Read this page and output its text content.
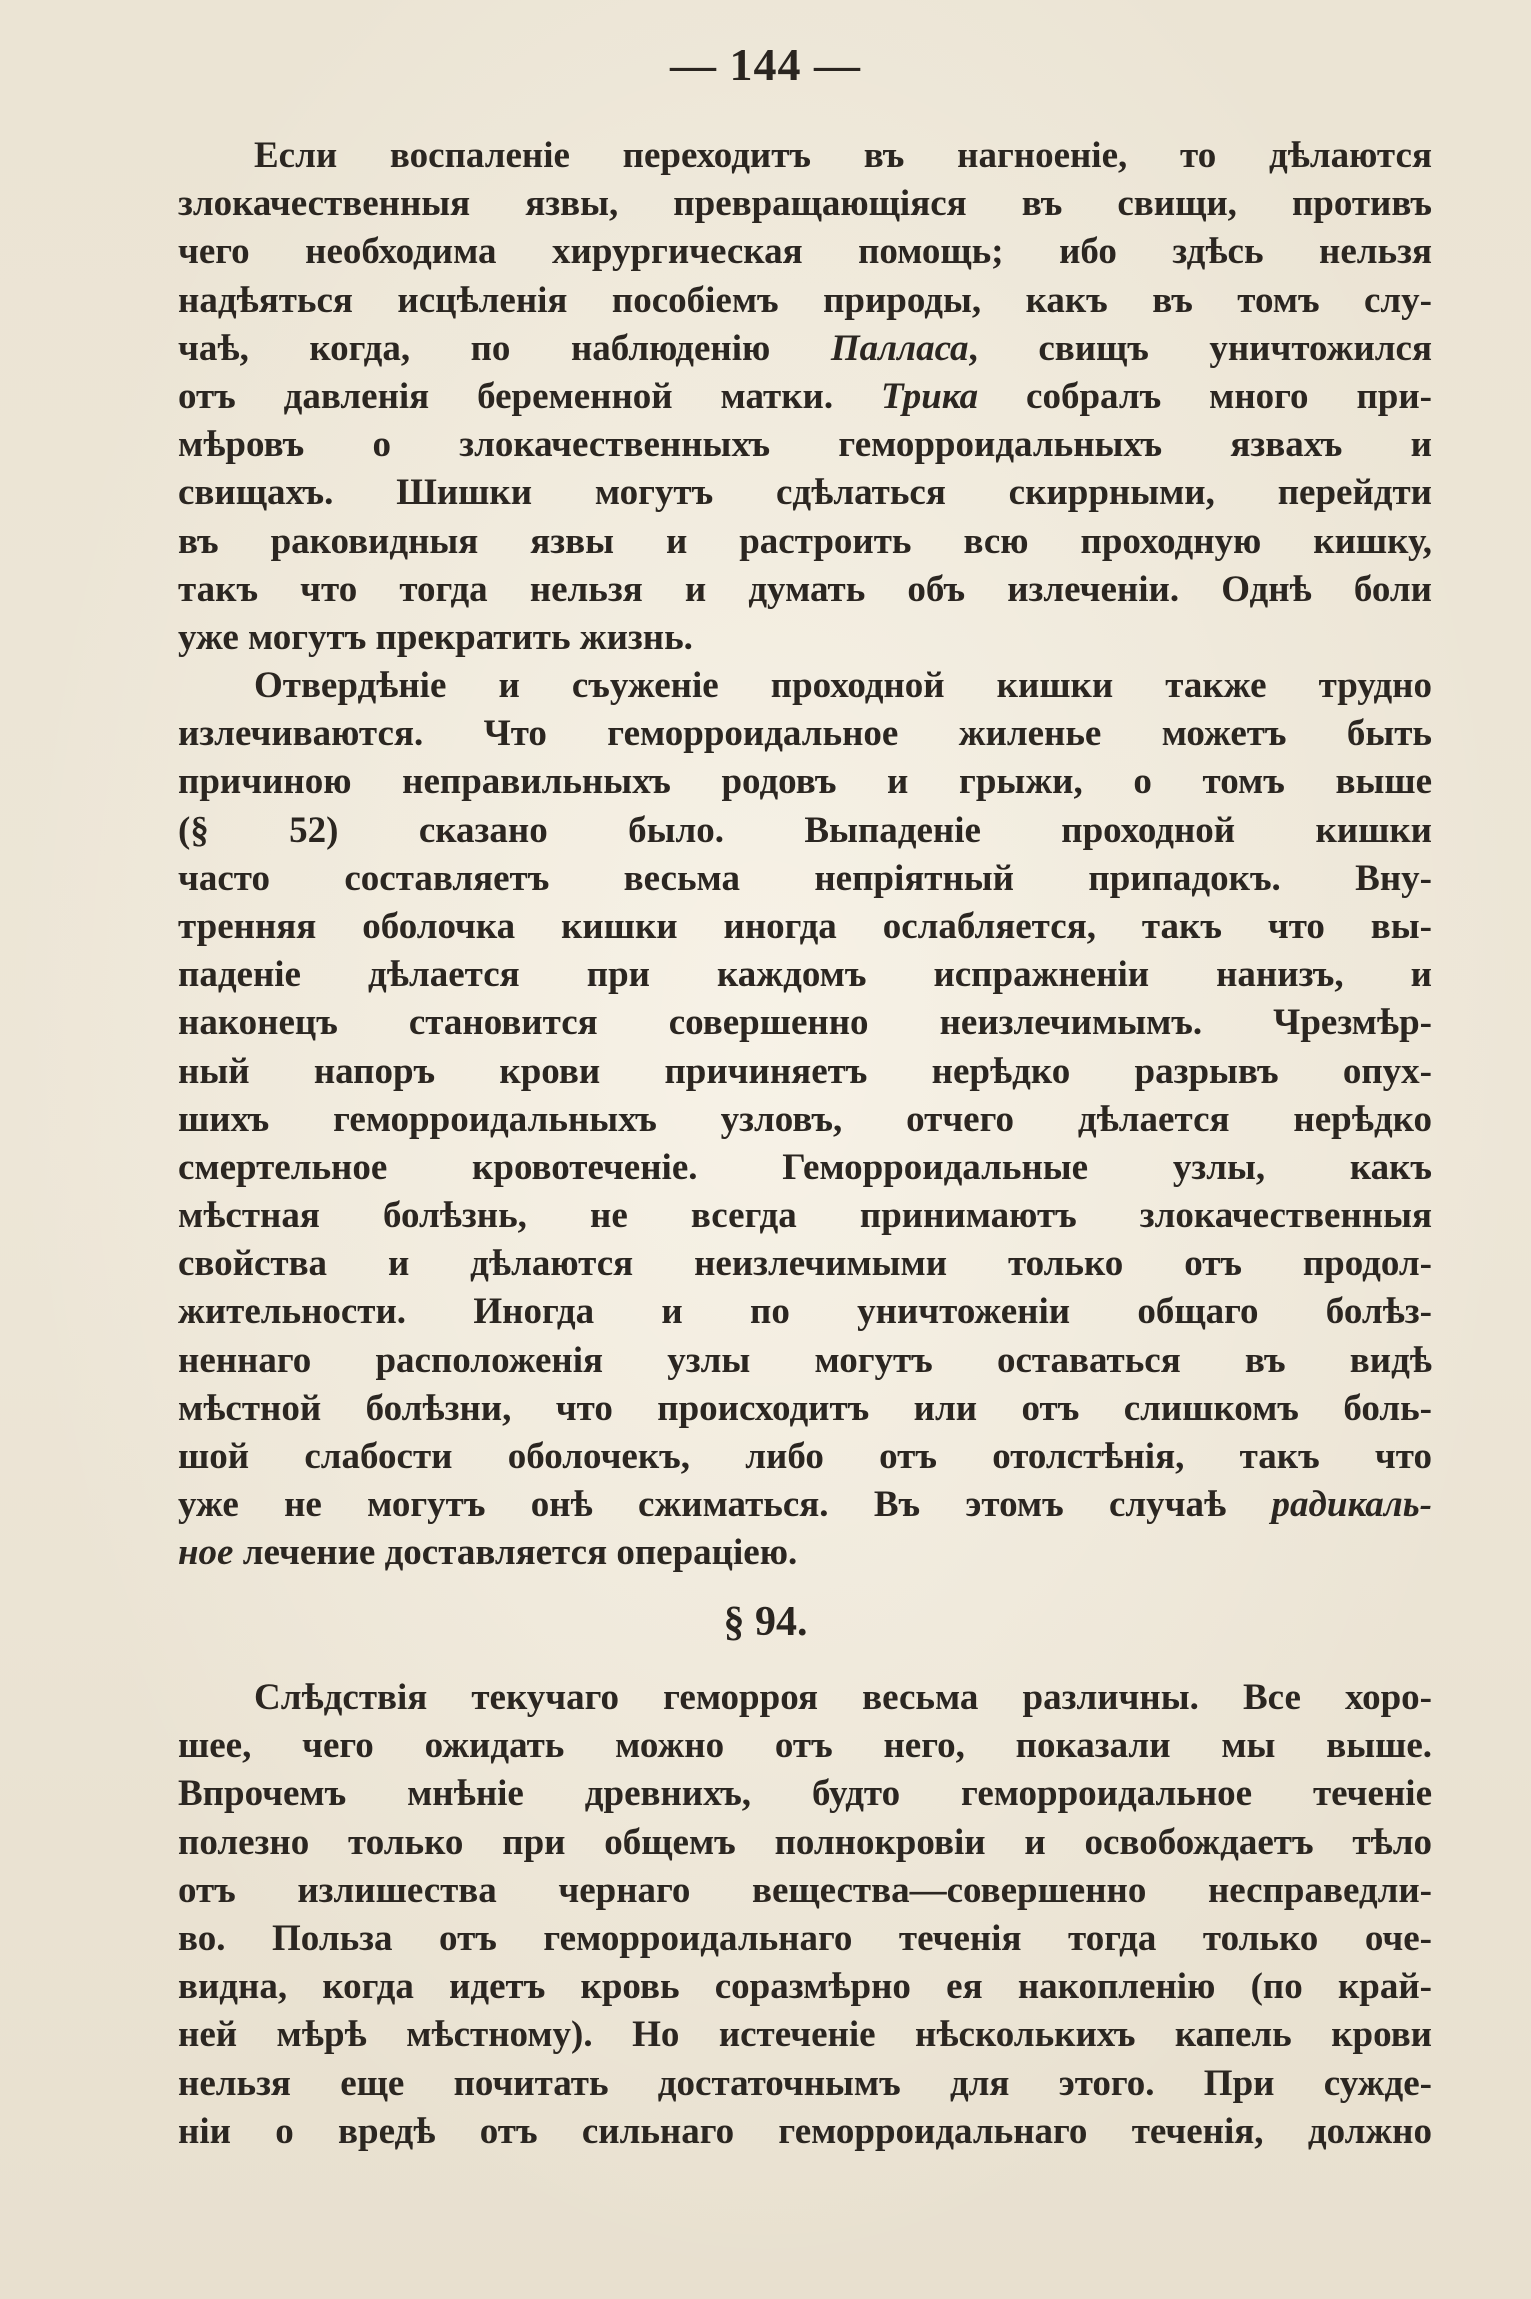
— 144 —
Если воспаленіе переходитъ въ нагноеніе, то дѣлаются
злокачественныя язвы, превращающіяся въ свищи, противъ
чего необходима хирургическая помощь; ибо здѣсь нельзя
надѣяться исцѣленія пособіемъ природы, какъ въ томъ слу-
чаѣ, когда, по наблюденію Палласа, свищъ уничтожился
отъ давленія беременной матки. Трика собралъ много при-
мѣровъ о злокачественныхъ геморроидальныхъ язвахъ и
свищахъ. Шишки могутъ сдѣлаться скиррными, перейдти
въ раковидныя язвы и растроить всю проходную кишку,
такъ что тогда нельзя и думать объ излеченіи. Однѣ боли
уже могутъ прекратить жизнь.
Отвердѣніе и съуженіе проходной кишки также трудно
излечиваются. Что геморроидальное жиленье можетъ быть
причиною неправильныхъ родовъ и грыжи, о томъ выше
(§ 52) сказано было. Выпаденіе проходной кишки
часто составляетъ весьма непріятный припадокъ. Вну-
тренняя оболочка кишки иногда ослабляется, такъ что вы-
паденіе дѣлается при каждомъ испражненіи нанизъ, и
наконецъ становится совершенно неизлечимымъ. Чрезмѣр-
ный напоръ крови причиняетъ нерѣдко разрывъ опух-
шихъ геморроидальныхъ узловъ, отчего дѣлается нерѣдко
смертельное кровотеченіе. Геморроидальные узлы, какъ
мѣстная болѣзнь, не всегда принимаютъ злокачественныя
свойства и дѣлаются неизлечимыми только отъ продол-
жительности. Иногда и по уничтоженіи общаго болѣз-
неннаго расположенія узлы могутъ оставаться въ видѣ
мѣстной болѣзни, что происходитъ или отъ слишкомъ боль-
шой слабости оболочекъ, либо отъ отолстѣнія, такъ что
уже не могутъ онѣ сжиматься. Въ этомъ случаѣ радикаль-
ное лечение доставляется операціею.
§ 94.
Слѣдствія текучаго геморроя весьма различны. Все хоро-
шее, чего ожидать можно отъ него, показали мы выше.
Впрочемъ мнѣніе древнихъ, будто геморроидальное теченіе
полезно только при общемъ полнокровіи и освобождаетъ тѣло
отъ излишества чернаго вещества—совершенно несправедли-
во. Польза отъ геморроидальнаго теченія тогда только оче-
видна, когда идетъ кровь соразмѣрно ея накопленію (по край-
ней мѣрѣ мѣстному). Но истеченіе нѣсколькихъ капель крови
нельзя еще почитать достаточнымъ для этого. При сужде-
ніи о вредѣ отъ сильнаго геморроидальнаго теченія, должно
